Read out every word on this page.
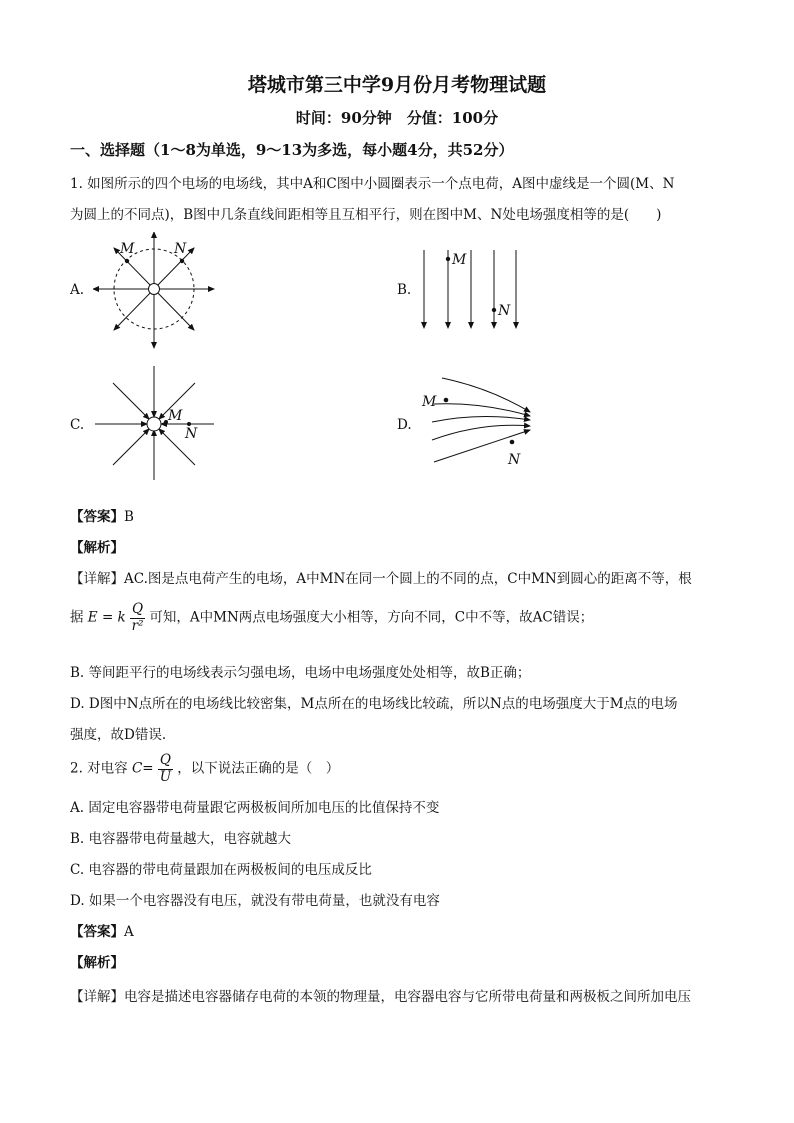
塔城市第三中学9月份月考物理试题
时间：90分钟　分值：100分
一、选择题（1～8为单选，9～13为多选，每小题4分，共52分）
1. 如图所示的四个电场的电场线，其中A和C图中小圆圈表示一个点电荷，A图中虚线是一个圆(M、N
为圆上的不同点)，B图中几条直线间距相等且互相平行，则在图中M、N处电场强度相等的是(　　)
A.
M	N
B.
M
N
C.
M
N
D.
M
N
【答案】B
【解析】
【详解】AC.图是点电荷产生的电场，A中MN在同一个圆上的不同的点，C中MN到圆心的距离不等，根
据 E = k $\frac{Q}{\text{r²}}$ 可知，A中MN两点电场强度大小相等，方向不同，C中不等，故AC错误；
B. 等间距平行的电场线表示匀强电场，电场中电场强度处处相等，故B正确；
D. D图中N点所在的电场线比较密集，M点所在的电场线比较疏，所以N点的电场强度大于M点的电场
强度，故D错误.
2. 对电容 $C= \frac{Q}{U}$ ，以下说法正确的是（　）
A. 固定电容器带电荷量跟它两极板间所加电压的比值保持不变
B. 电容器带电荷量越大，电容就越大
C. 电容器的带电荷量跟加在两极板间的电压成反比
D. 如果一个电容器没有电压，就没有带电荷量，也就没有电容
【答案】A
【解析】
【详解】电容是描述电容器储存电荷的本领的物理量，电容器电容与它所带电荷量和两极板之间所加电压
